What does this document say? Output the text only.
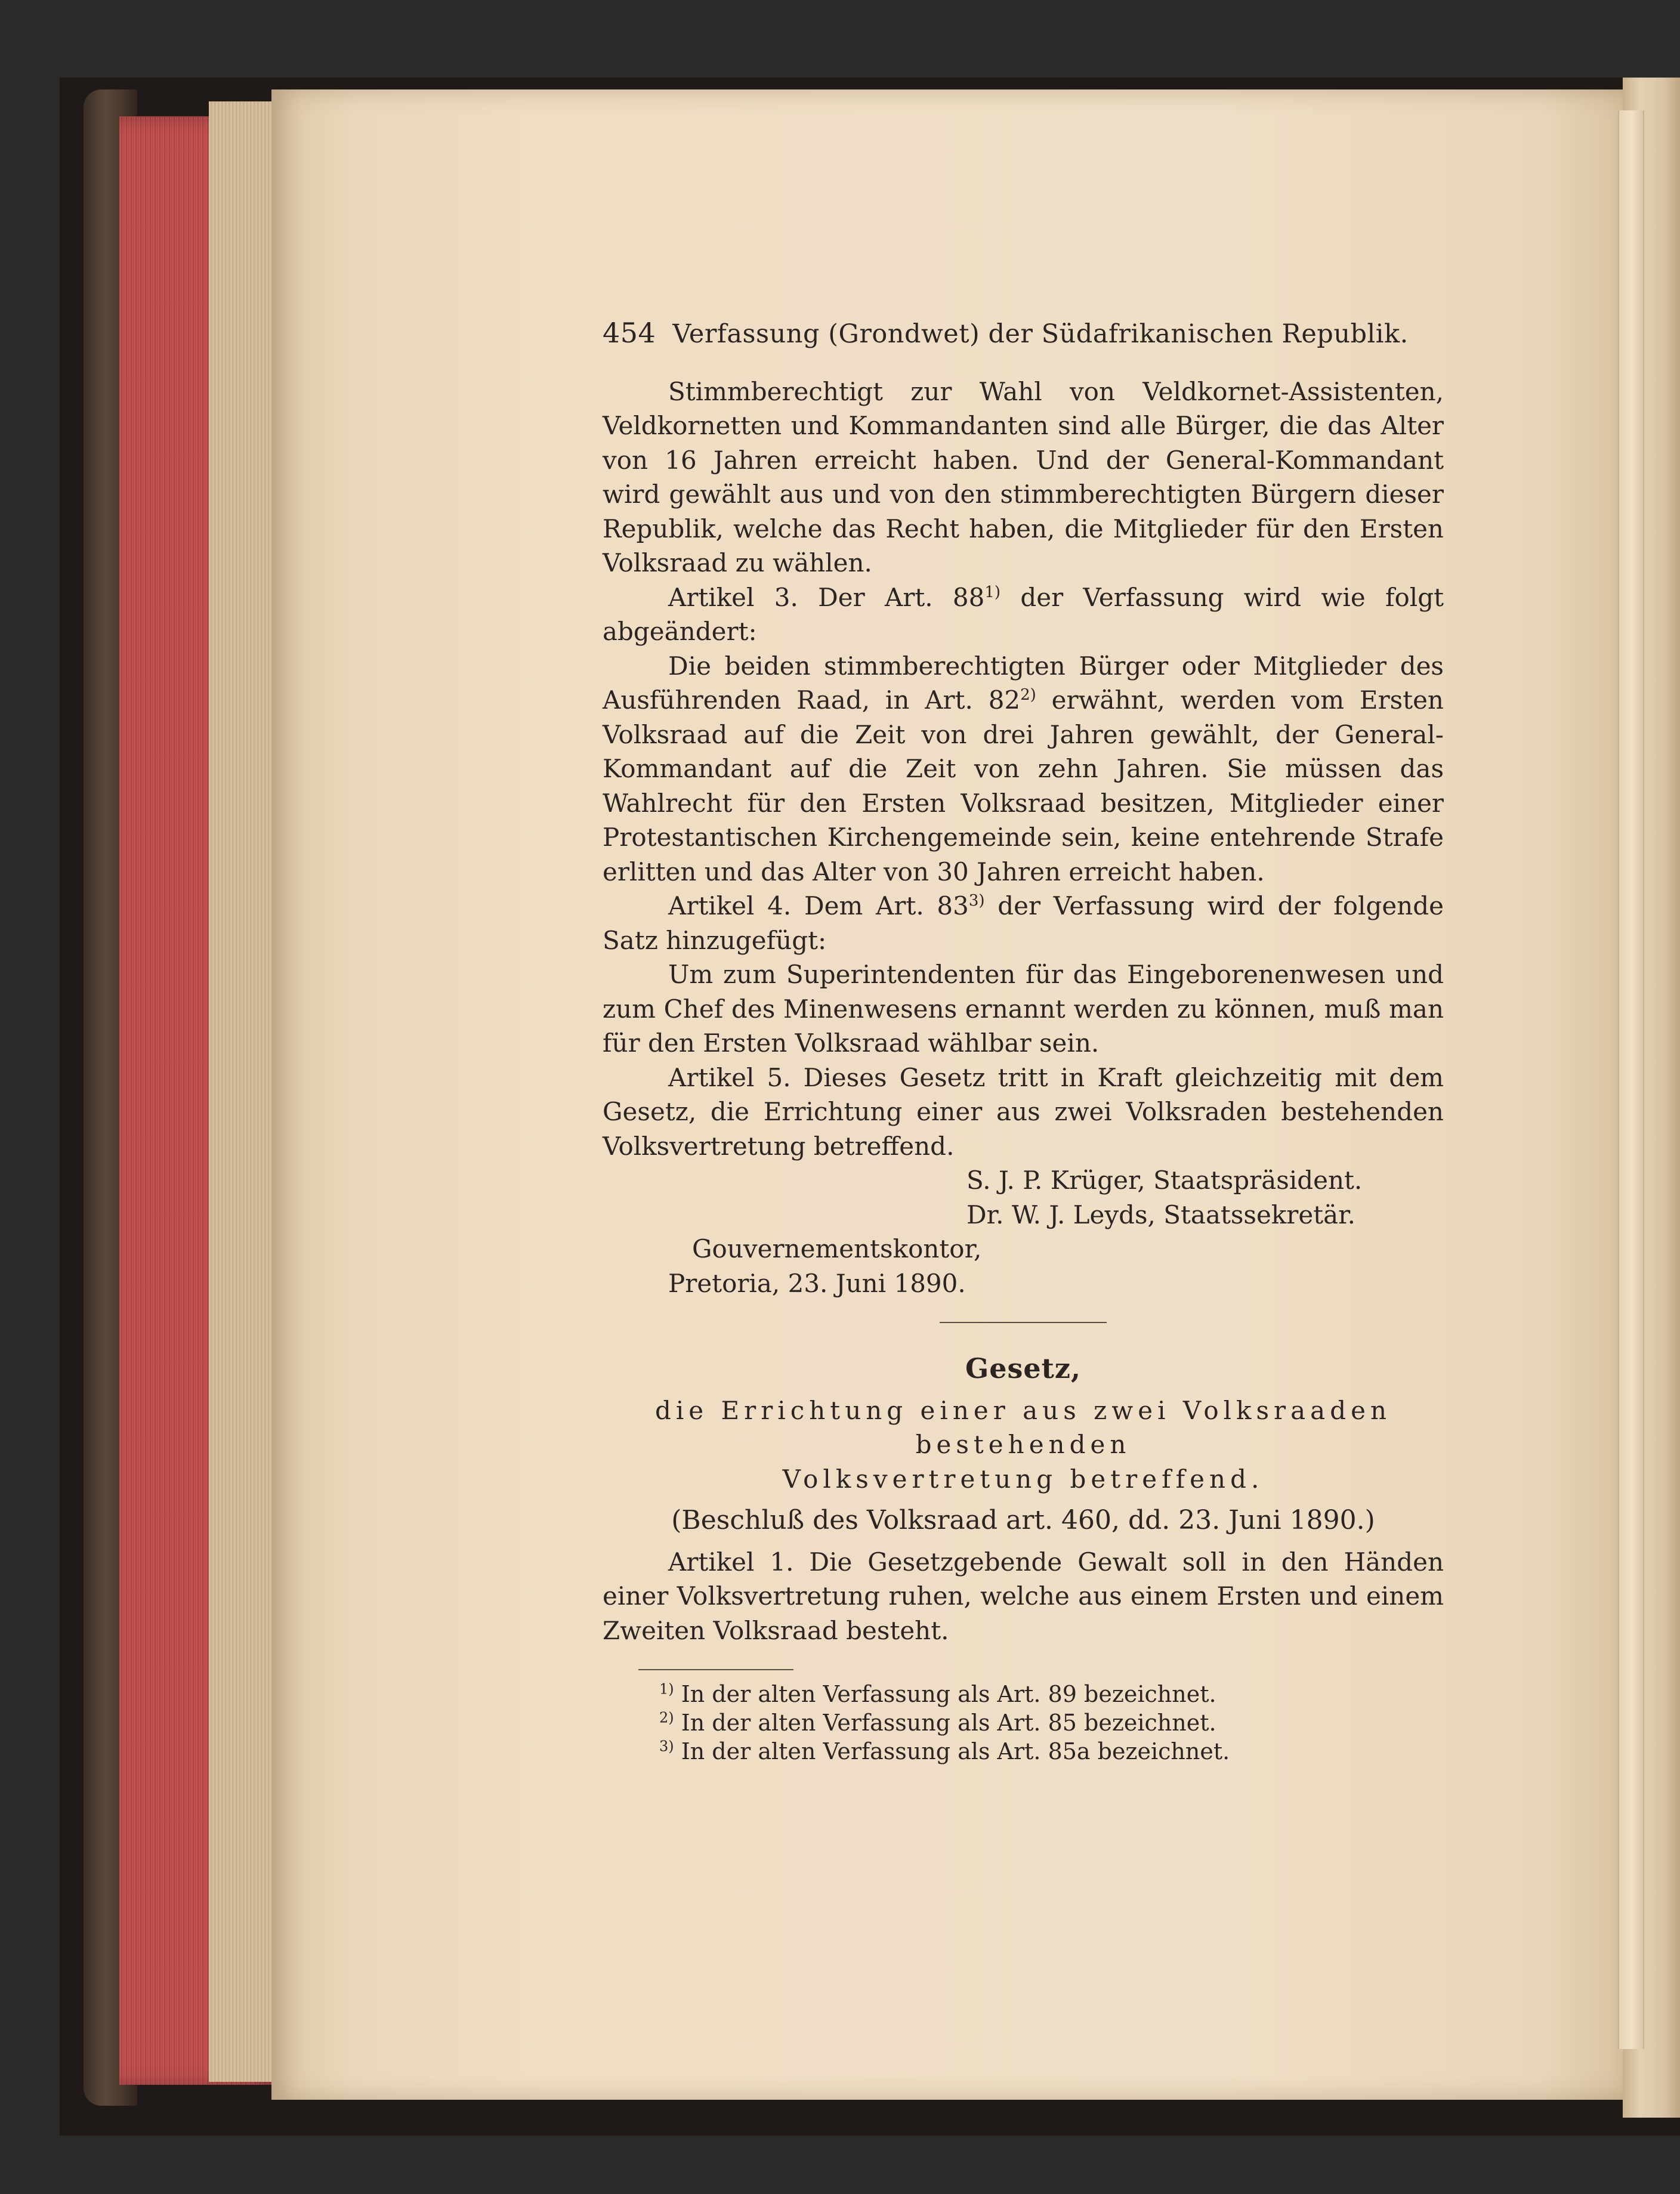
454 Verfassung (Grondwet) der Südafrikanischen Republik.

Stimmberechtigt zur Wahl von Veldkornet-Assistenten, Veldkornetten und Kommandanten sind alle Bürger, die das Alter von 16 Jahren erreicht haben. Und der General-Kommandant wird gewählt aus und von den stimmberechtigten Bürgern dieser Republik, welche das Recht haben, die Mitglieder für den Ersten Volksraad zu wählen.

Artikel 3. Der Art. 88$^{1)}$ der Verfassung wird wie folgt abgeändert:

Die beiden stimmberechtigten Bürger oder Mitglieder des Ausführenden Raad, in Art. 82$^{2)}$ erwähnt, werden vom Ersten Volksraad auf die Zeit von drei Jahren gewählt, der General-Kommandant auf die Zeit von zehn Jahren. Sie müssen das Wahlrecht für den Ersten Volksraad besitzen, Mitglieder einer Protestantischen Kirchengemeinde sein, keine entehrende Strafe erlitten und das Alter von 30 Jahren erreicht haben.

Artikel 4. Dem Art. 83$^{3)}$ der Verfassung wird der folgende Satz hinzugefügt:

Um zum Superintendenten für das Eingeborenenwesen und zum Chef des Minenwesens ernannt werden zu können, muß man für den Ersten Volksraad wählbar sein.

Artikel 5. Dieses Gesetz tritt in Kraft gleichzeitig mit dem Gesetz, die Errichtung einer aus zwei Volksraden bestehenden Volksvertretung betreffend.

S. J. P. Krüger, Staatspräsident.

Dr. W. J. Leyds, Staatssekretär.

Gouvernementskontor,

Pretoria, 23. Juni 1890.

Gesetz,

die Errichtung einer aus zwei Volksraaden bestehenden

Volksvertretung betreffend.

(Beschluß des Volksraad art. 460, dd. 23. Juni 1890.)

Artikel 1. Die Gesetzgebende Gewalt soll in den Händen einer Volksvertretung ruhen, welche aus einem Ersten und einem Zweiten Volksraad besteht.

$^{1)}$ In der alten Verfassung als Art. 89 bezeichnet.

$^{2)}$ In der alten Verfassung als Art. 85 bezeichnet.

$^{3)}$ In der alten Verfassung als Art. 85a bezeichnet.
